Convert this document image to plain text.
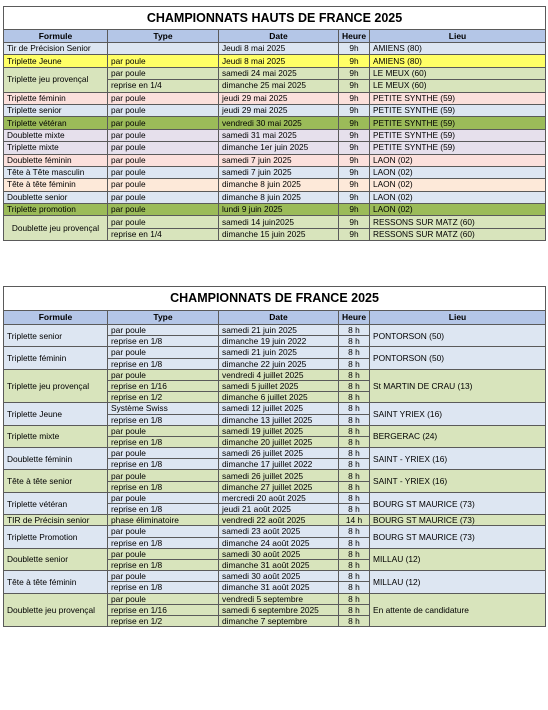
CHAMPIONNATS HAUTS DE FRANCE 2025				
Formule	Type	Date	Heure	Lieu
Tir de Précision Senior		Jeudi 8 mai 2025	9h	AMIENS (80)
Triplette Jeune	par poule	Jeudi 8 mai 2025	9h	AMIENS (80)
Triplette jeu provençal	par poule	samedi 24 mai 2025	9h	LE MEUX (60)
	reprise en 1/4	dimanche 25 mai 2025	9h	LE MEUX (60)
Triplette féminin	par poule	jeudi 29 mai 2025	9h	PETITE SYNTHE (59)
Triplette senior	par poule	jeudi 29 mai 2025	9h	PETITE SYNTHE (59)
Triplette vétéran	par poule	vendredi 30 mai 2025	9h	PETITE SYNTHE (59)
Doublette mixte	par poule	samedi 31 mai 2025	9h	PETITE SYNTHE (59)
Triplette mixte	par poule	dimanche 1er juin 2025	9h	PETITE SYNTHE (59)
Doublette féminin	par poule	samedi 7 juin 2025	9h	LAON (02)
Tête à Tête masculin	par poule	samedi 7 juin 2025	9h	LAON (02)
Tête à tête féminin	par poule	dimanche 8 juin 2025	9h	LAON (02)
Doublette senior	par poule	dimanche 8 juin 2025	9h	LAON (02)
Triplette promotion	par poule	lundi 9 juin 2025	9h	LAON (02)
Doublette jeu provençal	par poule	samedi 14 juin2025	9h	RESSONS SUR MATZ (60)
	reprise en 1/4	dimanche 15 juin 2025	9h	RESSONS SUR MATZ (60)
CHAMPIONNATS DE FRANCE 2025				
Formule	Type	Date	Heure	Lieu
Triplette senior	par poule	samedi 21 juin 2025	8 h	PONTORSON (50)
	reprise en 1/8	dimanche 19 juin 2022	8 h	
Triplette féminin	par poule	samedi 21 juin 2025	8 h	PONTORSON (50)
	reprise en 1/8	dimanche 22 juin 2025	8 h	
Triplette jeu provençal	par poule	vendredi 4 juillet 2025	8 h	St MARTIN DE CRAU (13)
	reprise en 1/16	samedi 5 juillet 2025	8 h	
	reprise en 1/2	dimanche 6 juillet 2025	8 h	
Triplette Jeune	Système Swiss	samedi 12 juillet 2025	8 h	SAINT YRIEX (16)
	reprise en 1/8	dimanche 13 juillet 2025	8 h	
Triplette mixte	par poule	samedi 19 juillet 2025	8 h	BERGERAC (24)
	reprise en 1/8	dimanche 20 juillet 2025	8 h	
Doublette féminin	par poule	samedi 26 juillet 2025	8 h	SAINT - YRIEX (16)
	reprise en 1/8	dimanche 17 juillet 2022	8 h	
Tête à tête senior	par poule	samedi 26 juillet 2025	8 h	SAINT - YRIEX (16)
	reprise en 1/8	dimanche 27 juillet 2025	8 h	
Triplette vétéran	par poule	mercredi 20 août 2025	8 h	BOURG ST MAURICE (73)
	reprise en 1/8	jeudi 21 août 2025	8 h	
TIR de Précisin senior	phase éliminatoire	vendredi 22 août 2025	14 h	BOURG ST MAURICE (73)
Triplette Promotion	par poule	samedi 23 août 2025	8 h	BOURG ST MAURICE (73)
	reprise en 1/8	dimanche 24 août 2025	8 h	
Doublette senior	par poule	samedi 30 août 2025	8 h	MILLAU (12)
	reprise en 1/8	dimanche 31 août 2025	8 h	
Tête à tête féminin	par poule	samedi 30 août 2025	8 h	MILLAU (12)
	reprise en 1/8	dimanche 31 août 2025	8 h	
Doublette jeu provençal	par poule	vendredi 5 septembre	8 h	En attente de candidature
	reprise en 1/16	samedi 6 septembre 2025	8 h	
	reprise en 1/2	dimanche 7 septembre	8 h	
